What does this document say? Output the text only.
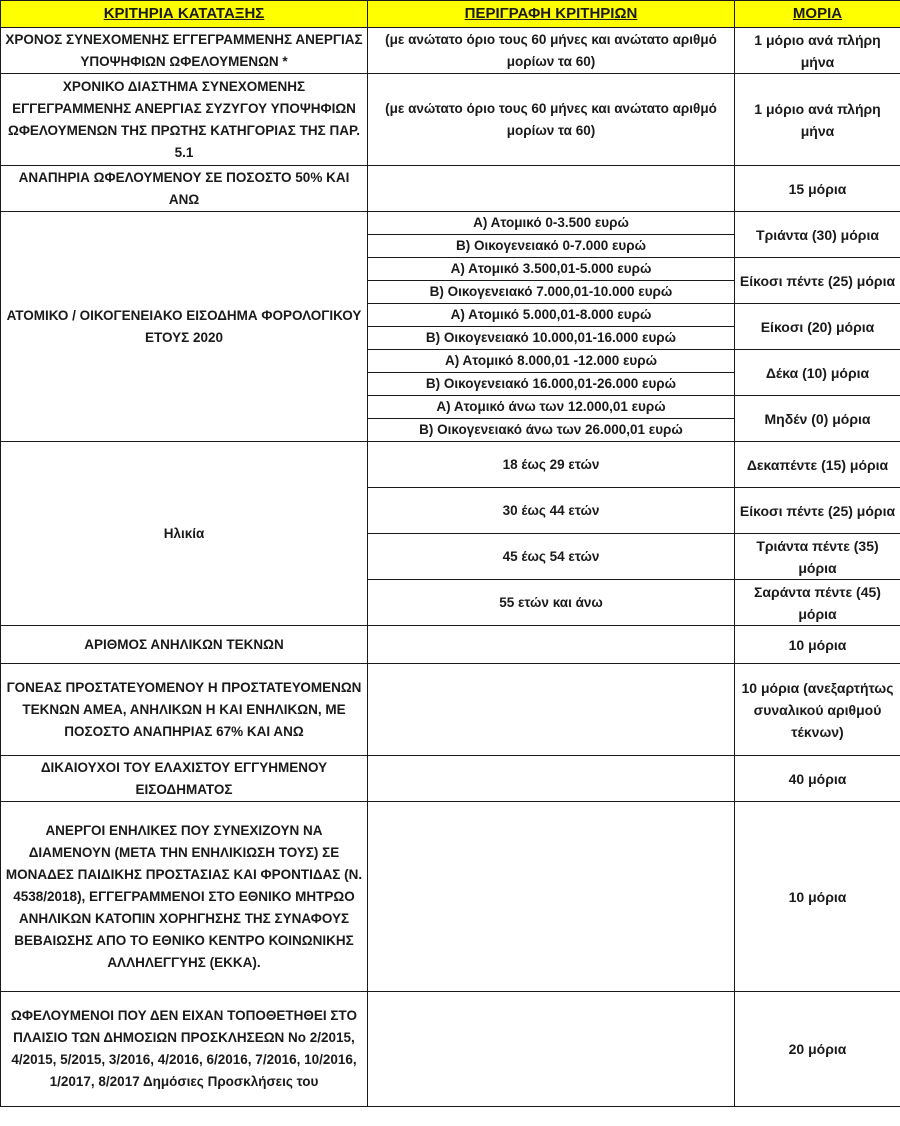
ΚΡΙΤΗΡΙΑ ΚΑΤΑΤΑΞΗΣ	ΠΕΡΙΓΡΑΦΗ ΚΡΙΤΗΡΙΩΝ	ΜΟΡΙΑ
ΧΡΟΝΟΣ ΣΥΝΕΧΟΜΕΝΗΣ ΕΓΓΕΓΡΑΜΜΕΝΗΣ ΑΝΕΡΓΙΑΣ ΥΠΟΨΗΦΙΩΝ ΩΦΕΛΟΥΜΕΝΩΝ *	(με ανώτατο όριο τους 60 μήνες και ανώτατο αριθμό μορίων τα 60)	1 μόριο ανά πλήρη μήνα
ΧΡΟΝΙΚΟ ΔΙΑΣΤΗΜΑ ΣΥΝΕΧΟΜΕΝΗΣ ΕΓΓΕΓΡΑΜΜΕΝΗΣ ΑΝΕΡΓΙΑΣ ΣΥΖΥΓΟΥ ΥΠΟΨΗΦΙΩΝ ΩΦΕΛΟΥΜΕΝΩΝ ΤΗΣ ΠΡΩΤΗΣ ΚΑΤΗΓΟΡΙΑΣ ΤΗΣ ΠΑΡ. 5.1	(με ανώτατο όριο τους 60 μήνες και ανώτατο αριθμό μορίων τα 60)	1 μόριο ανά πλήρη μήνα
ΑΝΑΠΗΡΙΑ ΩΦΕΛΟΥΜΕΝΟΥ ΣΕ ΠΟΣΟΣΤΟ 50% ΚΑΙ ΑΝΩ		15 μόρια
ΑΤΟΜΙΚΟ / ΟΙΚΟΓΕΝΕΙΑΚΟ ΕΙΣΟΔΗΜΑ ΦΟΡΟΛΟΓΙΚΟΥ ΕΤΟΥΣ 2020	Α) Ατομικό 0-3.500 ευρώ	Τριάντα (30) μόρια
	Β) Οικογενειακό 0-7.000 ευρώ	
	Α) Ατομικό 3.500,01-5.000 ευρώ	Είκοσι πέντε (25) μόρια
	Β) Οικογενειακό 7.000,01-10.000 ευρώ	
	Α) Ατομικό 5.000,01-8.000 ευρώ	Είκοσι (20) μόρια
	Β) Οικογενειακό 10.000,01-16.000 ευρώ	
	Α) Ατομικό 8.000,01 -12.000 ευρώ	Δέκα (10) μόρια
	Β) Οικογενειακό 16.000,01-26.000 ευρώ	
	Α) Ατομικό άνω των 12.000,01 ευρώ	Μηδέν (0) μόρια
	Β) Οικογενειακό άνω των 26.000,01 ευρώ	
Ηλικία	18 έως 29 ετών	Δεκαπέντε (15) μόρια
	30 έως 44 ετών	Είκοσι πέντε (25) μόρια
	45 έως 54 ετών	Τριάντα πέντε (35) μόρια
	55 ετών και άνω	Σαράντα πέντε (45) μόρια
ΑΡΙΘΜΟΣ ΑΝΗΛΙΚΩΝ ΤΕΚΝΩΝ		10 μόρια
ΓΟΝΕΑΣ ΠΡΟΣΤΑΤΕΥΟΜΕΝΟΥ Η ΠΡΟΣΤΑΤΕΥΟΜΕΝΩΝ ΤΕΚΝΩΝ ΑΜΕΑ, ΑΝΗΛΙΚΩΝ Η ΚΑΙ ΕΝΗΛΙΚΩΝ, ΜΕ ΠΟΣΟΣΤΟ ΑΝΑΠΗΡΙΑΣ 67% ΚΑΙ ΑΝΩ		10 μόρια (ανεξαρτήτως συναλικού αριθμού τέκνων)
ΔΙΚΑΙΟΥΧΟΙ ΤΟΥ ΕΛΑΧΙΣΤΟΥ ΕΓΓΥΗΜΕΝΟΥ ΕΙΣΟΔΗΜΑΤΟΣ		40 μόρια
ΑΝΕΡΓΟΙ ΕΝΗΛΙΚΕΣ ΠΟΥ ΣΥΝΕΧΙΖΟΥΝ ΝΑ ΔΙΑΜΕΝΟΥΝ (ΜΕΤΑ ΤΗΝ ΕΝΗΛΙΚΙΩΣΗ ΤΟΥΣ) ΣΕ ΜΟΝΑΔΕΣ ΠΑΙΔΙΚΗΣ ΠΡΟΣΤΑΣΙΑΣ ΚΑΙ ΦΡΟΝΤΙΔΑΣ (Ν. 4538/2018), ΕΓΓΕΓΡΑΜΜΕΝΟΙ ΣΤΟ ΕΘΝΙΚΟ ΜΗΤΡΩΟ ΑΝΗΛΙΚΩΝ ΚΑΤΟΠΙΝ ΧΟΡΗΓΗΣΗΣ ΤΗΣ ΣΥΝΑΦΟΥΣ ΒΕΒΑΙΩΣΗΣ ΑΠΟ ΤΟ ΕΘΝΙΚΟ ΚΕΝΤΡΟ ΚΟΙΝΩΝΙΚΗΣ ΑΛΛΗΛΕΓΓΥΗΣ (ΕΚΚΑ).		10 μόρια
ΩΦΕΛΟΥΜΕΝΟΙ ΠΟΥ ΔΕΝ ΕΙΧΑΝ ΤΟΠΟΘΕΤΗΘΕΙ ΣΤΟ ΠΛΑΙΣΙΟ ΤΩΝ ΔΗΜΟΣΙΩΝ ΠΡΟΣΚΛΗΣΕΩΝ Νο 2/2015, 4/2015, 5/2015, 3/2016, 4/2016, 6/2016, 7/2016, 10/2016, 1/2017, 8/2017 Δημόσιες Προσκλήσεις του		20 μόρια
